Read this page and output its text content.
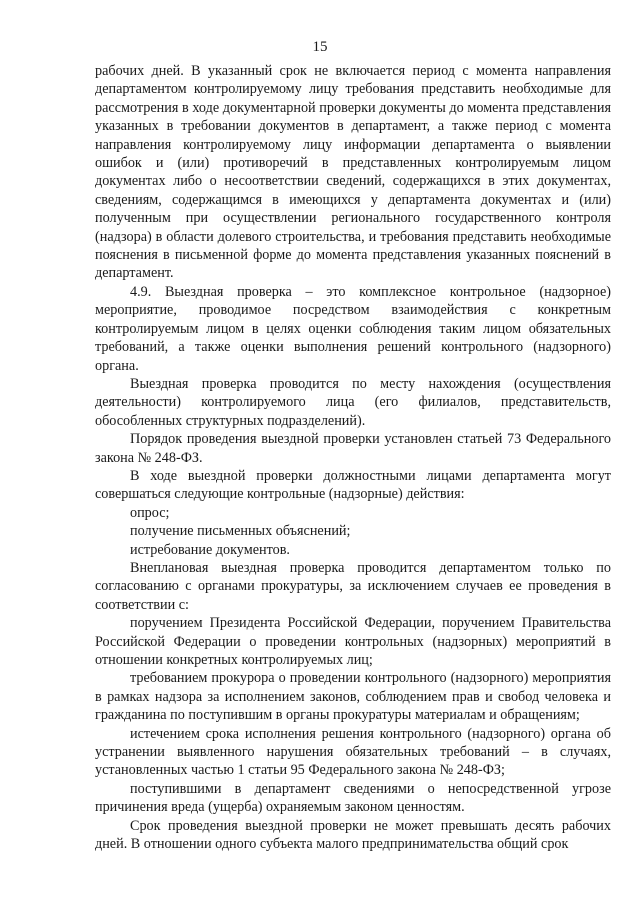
15

рабочих дней. В указанный срок не включается период с момента направления департаментом контролируемому лицу требования представить необходимые для рассмотрения в ходе документарной проверки документы до момента представления указанных в требовании документов в департамент, а также период с момента направления контролируемому лицу информации департамента о выявлении ошибок и (или) противоречий в представленных контролируемым лицом документах либо о несоответствии сведений, содержащихся в этих документах, сведениям, содержащимся в имеющихся у департамента документах и (или) полученным при осуществлении регионального государственного контроля (надзора) в области долевого строительства, и требования представить необходимые пояснения в письменной форме до момента представления указанных пояснений в департамент.

4.9. Выездная проверка – это комплексное контрольное (надзорное) мероприятие, проводимое посредством взаимодействия с конкретным контролируемым лицом в целях оценки соблюдения таким лицом обязательных требований, а также оценки выполнения решений контрольного (надзорного) органа.

Выездная проверка проводится по месту нахождения (осуществления деятельности) контролируемого лица (его филиалов, представительств, обособленных структурных подразделений).

Порядок проведения выездной проверки установлен статьей 73 Федерального закона № 248-ФЗ.

В ходе выездной проверки должностными лицами департамента могут совершаться следующие контрольные (надзорные) действия:

опрос;

получение письменных объяснений;

истребование документов.

Внеплановая выездная проверка проводится департаментом только по согласованию с органами прокуратуры, за исключением случаев ее проведения в соответствии с:

поручением Президента Российской Федерации, поручением Правительства Российской Федерации о проведении контрольных (надзорных) мероприятий в отношении конкретных контролируемых лиц;

требованием прокурора о проведении контрольного (надзорного) мероприятия в рамках надзора за исполнением законов, соблюдением прав и свобод человека и гражданина по поступившим в органы прокуратуры материалам и обращениям;

истечением срока исполнения решения контрольного (надзорного) органа об устранении выявленного нарушения обязательных требований – в случаях, установленных частью 1 статьи 95 Федерального закона № 248-ФЗ;

поступившими в департамент сведениями о непосредственной угрозе причинения вреда (ущерба) охраняемым законом ценностям.

Срок проведения выездной проверки не может превышать десять рабочих дней. В отношении одного субъекта малого предпринимательства общий срок
